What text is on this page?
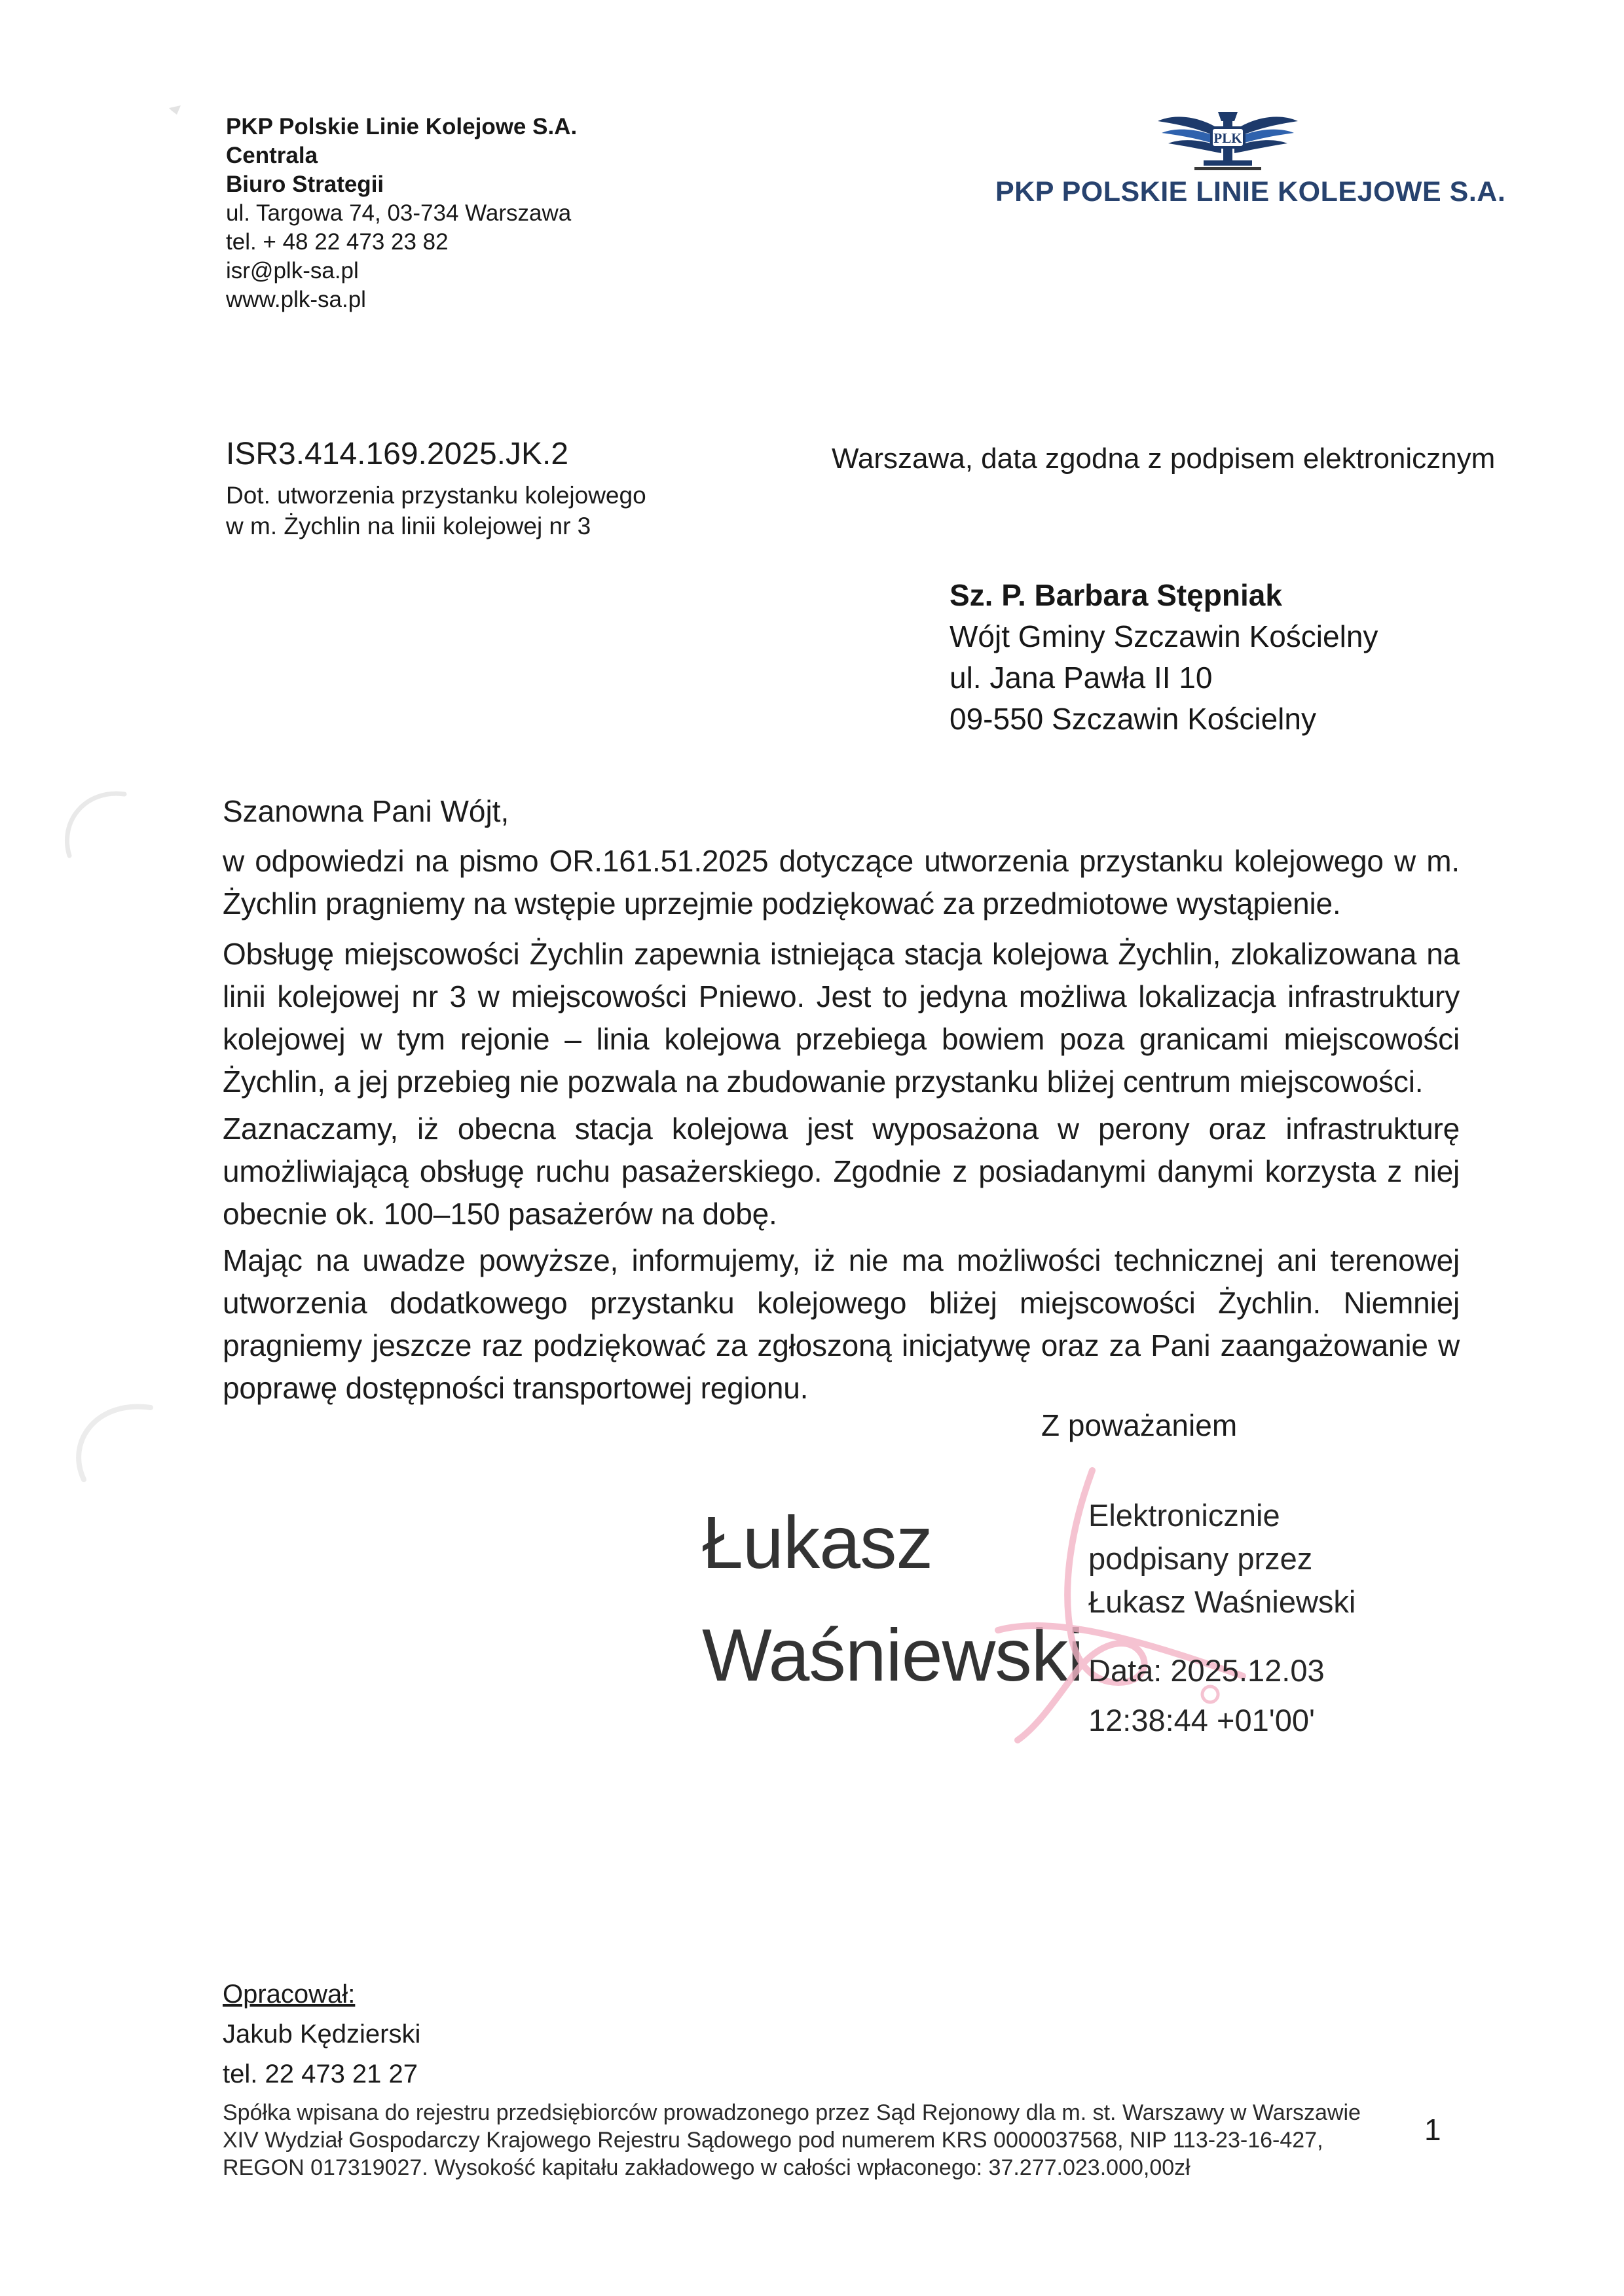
PKP Polskie Linie Kolejowe S.A.
Centrala
Biuro Strategii
ul. Targowa 74, 03-734 Warszawa
tel. + 48 22 473 23 82
isr@plk-sa.pl
www.plk-sa.pl
PLK
PKP POLSKIE LINIE KOLEJOWE S.A.
ISR3.414.169.2025.JK.2
Dot. utworzenia przystanku kolejowego
w m. Żychlin na linii kolejowej nr 3
Warszawa, data zgodna z podpisem elektronicznym
Sz. P. Barbara Stępniak
Wójt Gminy Szczawin Kościelny
ul. Jana Pawła II 10
09-550 Szczawin Kościelny
Szanowna Pani Wójt,

w odpowiedzi na pismo OR.161.51.2025 dotyczące utworzenia przystanku kolejowego w m. Żychlin pragniemy na wstępie uprzejmie podziękować za przedmiotowe wystąpienie.

Obsługę miejscowości Żychlin zapewnia istniejąca stacja kolejowa Żychlin, zlokalizowana na linii kolejowej nr 3 w miejscowości Pniewo. Jest to jedyna możliwa lokalizacja infrastruktury kolejowej w tym rejonie – linia kolejowa przebiega bowiem poza granicami miejscowości Żychlin, a jej przebieg nie pozwala na zbudowanie przystanku bliżej centrum miejscowości.

Zaznaczamy, iż obecna stacja kolejowa jest wyposażona w perony oraz infrastrukturę umożliwiającą obsługę ruchu pasażerskiego. Zgodnie z posiadanymi danymi korzysta z niej obecnie ok. 100–150 pasażerów na dobę.

Mając na uwadze powyższe, informujemy, iż nie ma możliwości technicznej ani terenowej utworzenia dodatkowego przystanku kolejowego bliżej miejscowości Żychlin. Niemniej pragniemy jeszcze raz podziękować za zgłoszoną inicjatywę oraz za Pani zaangażowanie w poprawę dostępności transportowej regionu.

Z poważaniem
Łukasz
Waśniewski
Elektronicznie
podpisany przez
Łukasz Waśniewski
Data: 2025.12.03
12:38:44 +01'00'
Opracował:
Jakub Kędzierski
tel. 22 473 21 27
Spółka wpisana do rejestru przedsiębiorców prowadzonego przez Sąd Rejonowy dla m. st. Warszawy w Warszawie
XIV Wydział Gospodarczy Krajowego Rejestru Sądowego pod numerem KRS 0000037568, NIP 113-23-16-427,
REGON 017319027. Wysokość kapitału zakładowego w całości wpłaconego: 37.277.023.000,00zł
1
